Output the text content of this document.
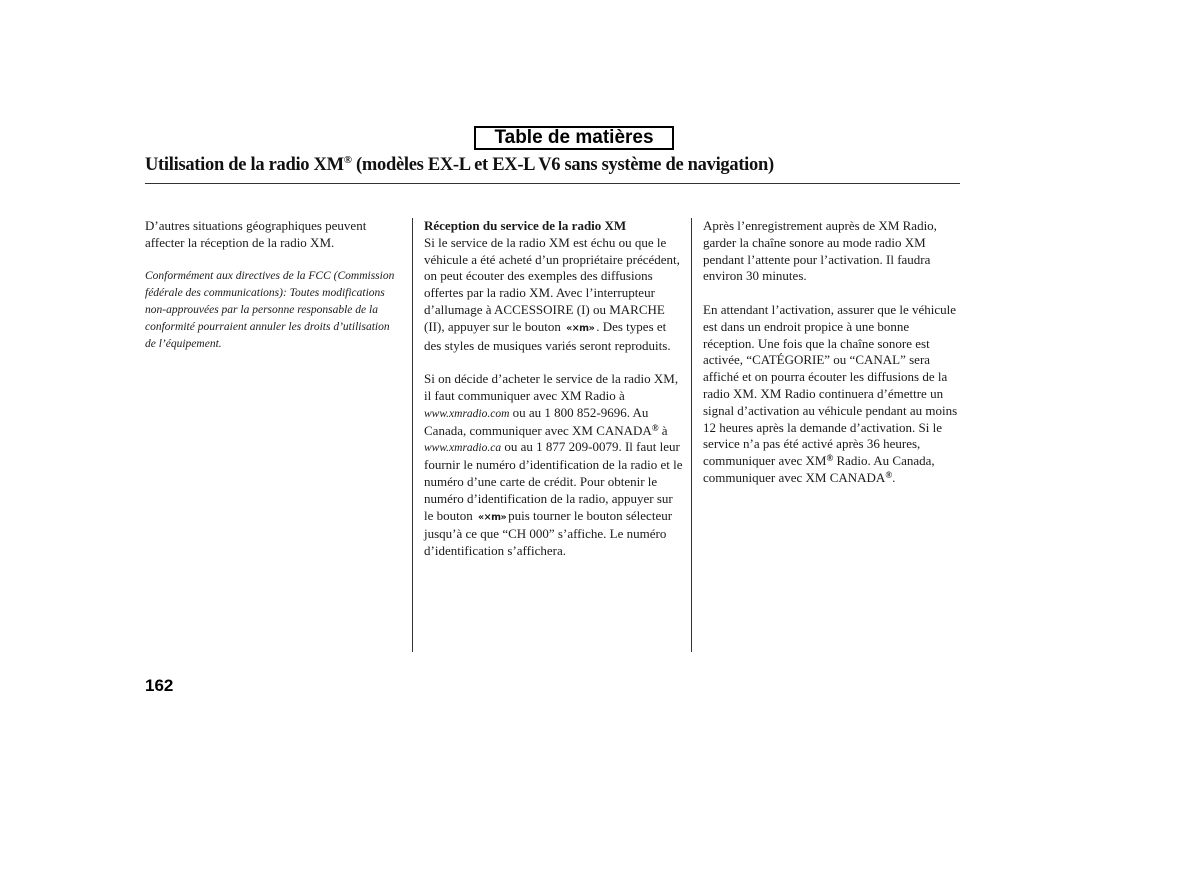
Table de matières
Utilisation de la radio XM® (modèles EX-L et EX-L V6 sans système de navigation)

D’autres situations géographiques peuvent affecter la réception de la radio XM.

Conformément aux directives de la FCC (Commission fédérale des communications): Toutes modifications non-approuvées par la personne responsable de la conformité pourraient annuler les droits d’utilisation de l’équipement.

Réception du service de la radio XM
Si le service de la radio XM est échu ou que le véhicule a été acheté d’un propriétaire précédent, on peut écouter des exemples des diffusions offertes par la radio XM. Avec l’interrupteur d’allumage à ACCESSOIRE (I) ou MARCHE (II), appuyer sur le bouton «×m» . Des types et des styles de musiques variés seront reproduits.

Si on décide d’acheter le service de la radio XM, il faut communiquer avec XM Radio à www.xmradio.com ou au 1 800 852-9696. Au Canada, communiquer avec XM CANADA® à www.xmradio.ca ou au 1 877 209-0079. Il faut leur fournir le numéro d’identification de la radio et le numéro d’une carte de crédit. Pour obtenir le numéro d’identification de la radio, appuyer sur le bouton «×m» puis tourner le bouton sélecteur jusqu’à ce que “CH 000” s’affiche. Le numéro d’identification s’affichera.

Après l’enregistrement auprès de XM Radio, garder la chaîne sonore au mode radio XM pendant l’attente pour l’activation. Il faudra environ 30 minutes.

En attendant l’activation, assurer que le véhicule est dans un endroit propice à une bonne réception. Une fois que la chaîne sonore est activée, “CATÉGORIE” ou “CANAL” sera affiché et on pourra écouter les diffusions de la radio XM. XM Radio continuera d’émettre un signal d’activation au véhicule pendant au moins 12 heures après la demande d’activation. Si le service n’a pas été activé après 36 heures, communiquer avec XM® Radio. Au Canada, communiquer avec XM CANADA®.

162
